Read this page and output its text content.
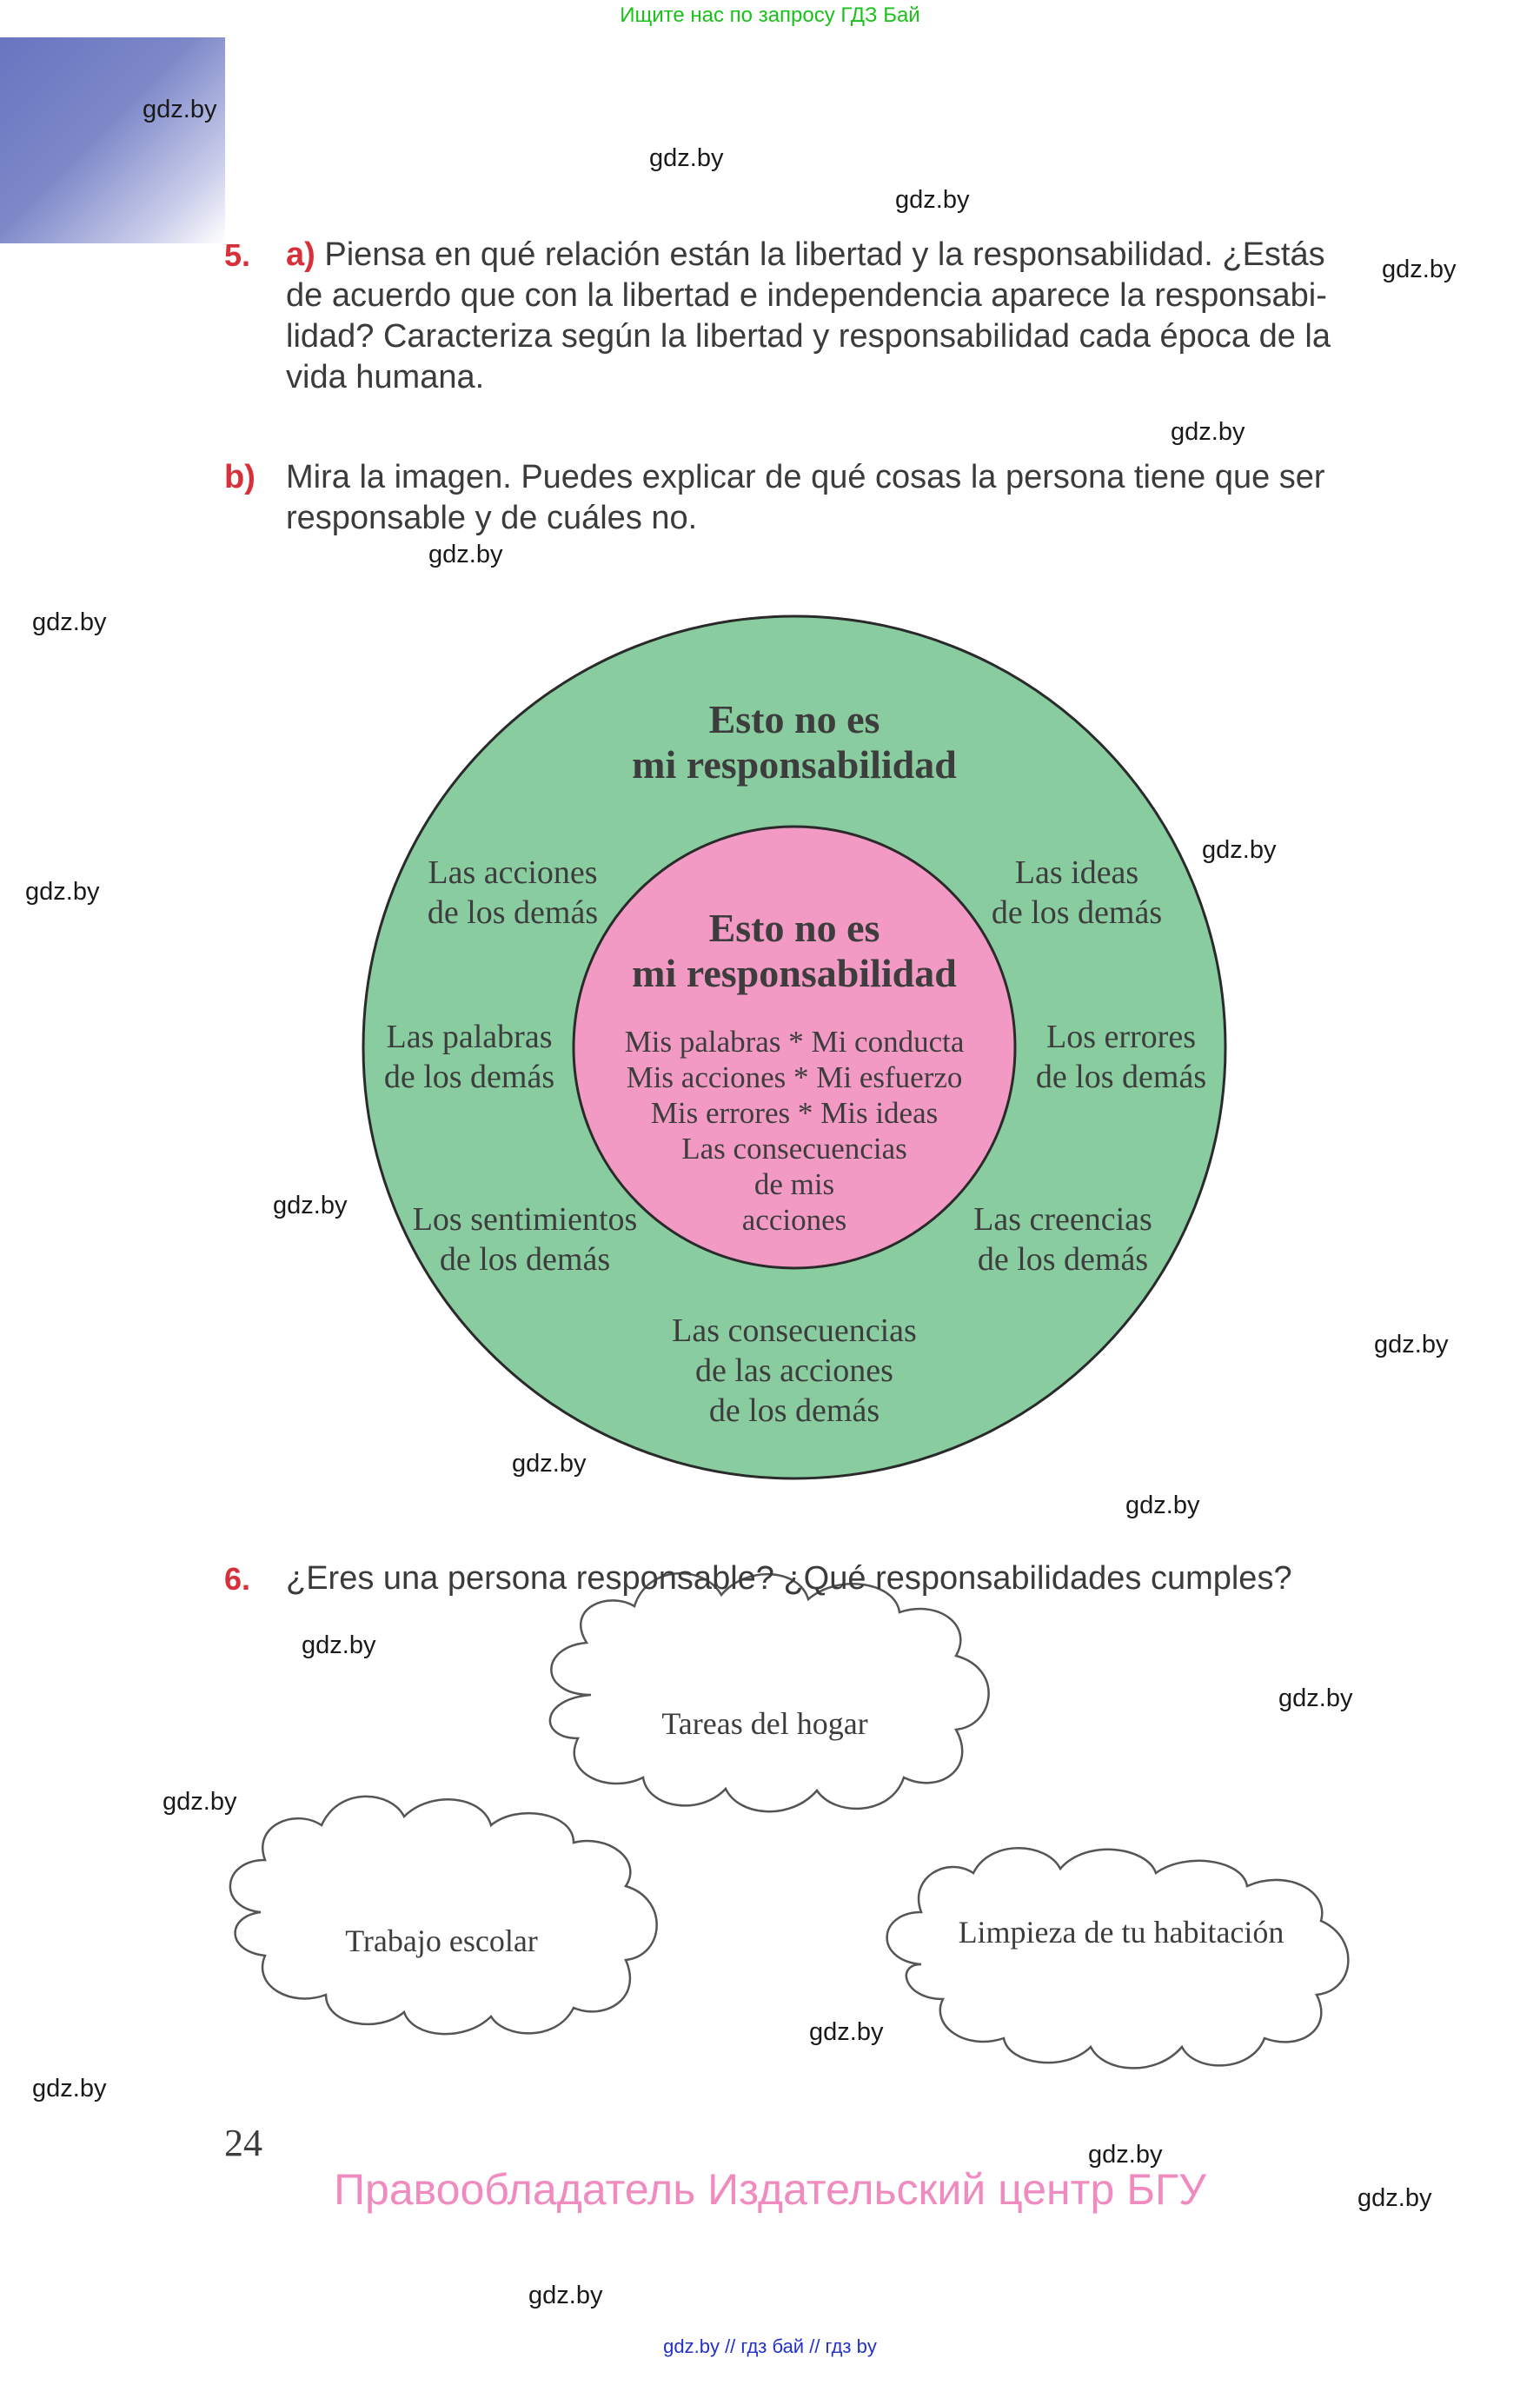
Ищите нас по запросу ГДЗ Бай
gdz.by
gdz.by
gdz.by
gdz.by
gdz.by
gdz.by
gdz.by
gdz.by
gdz.by
gdz.by
gdz.by
gdz.by
gdz.by
gdz.by
gdz.by
gdz.by
gdz.by
gdz.by
gdz.by
gdz.by
gdz.by
5. a) Piensa en qué relación están la libertad y la responsabilidad. ¿Estás

de acuerdo que con la libertad e independencia aparece la responsabi-

lidad? Caracteriza según la libertad y responsabilidad cada época de la

vida humana.

b) Mira la imagen. Puedes explicar de qué cosas la persona tiene que ser

responsable y de cuáles no.

Esto no es
mi responsabilidad
Esto no es
mi responsabilidad
Las acciones
de los demás
Las ideas
de los demás
Las palabras
de los demás
Los errores
de los demás
Los sentimientos
de los demás
Las creencias
de los demás
Las consecuencias
de las acciones
de los demás
Mis palabras * Mi conducta
Mis acciones * Mi esfuerzo
Mis errores * Mis ideas
Las consecuencias
de mis
acciones
Tareas del hogar
Trabajo escolar	Limpieza de tu habitación
6. ¿Eres una persona responsable? ¿Qué responsabilidades cumples?
24
Правообладатель Издательский центр БГУ
gdz.by // гдз бай // гдз by
